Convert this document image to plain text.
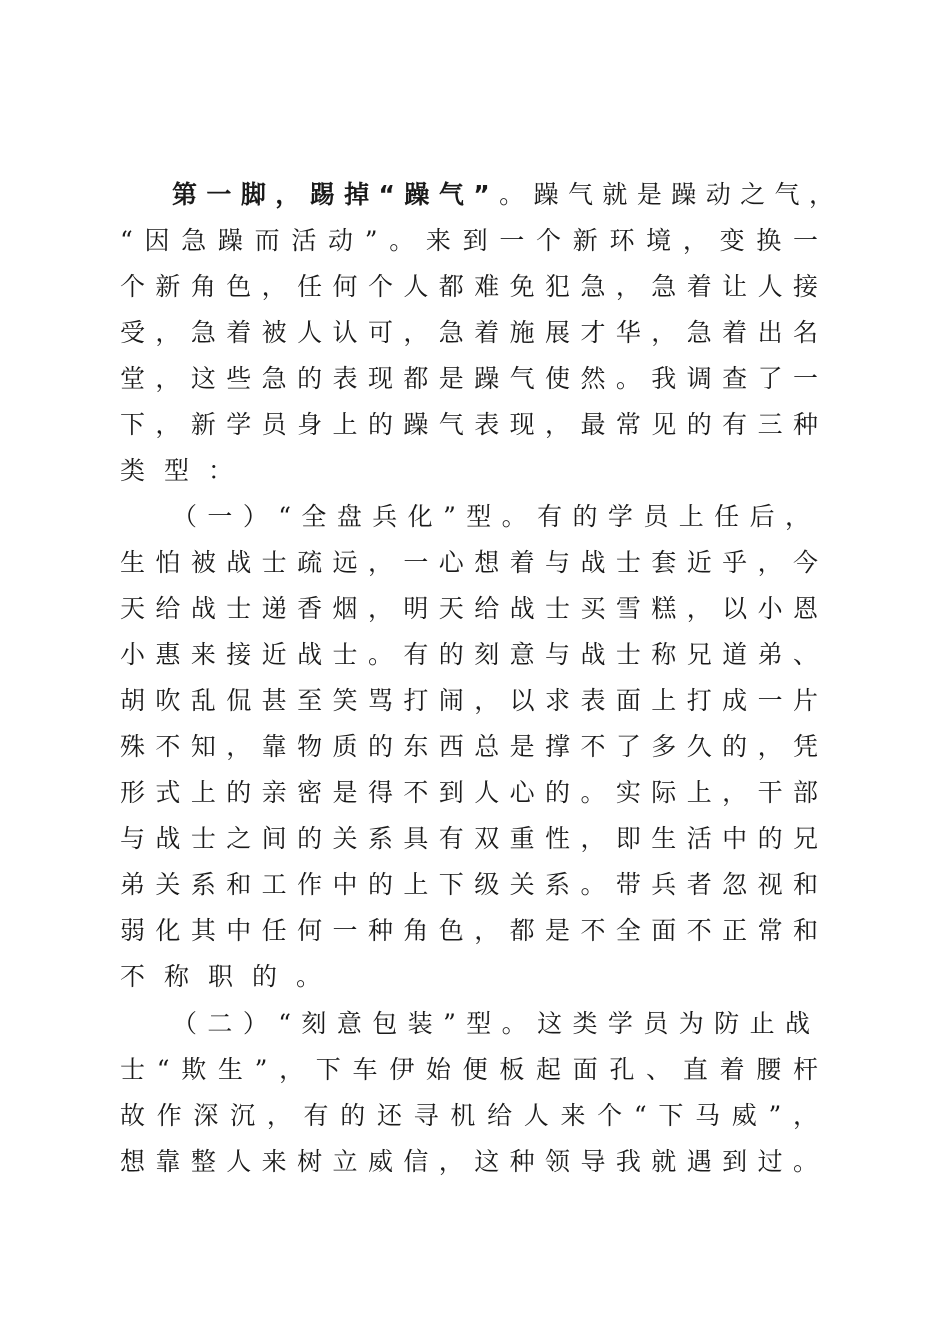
第一脚，踢掉“躁气”。躁气就是躁动之气，
“因急躁而活动”。来到一个新环境，变换一
个新角色，任何个人都难免犯急，急着让人接
受，急着被人认可，急着施展才华，急着出名
堂，这些急的表现都是躁气使然。我调查了一
下，新学员身上的躁气表现，最常见的有三种
类型：
（一）“全盘兵化”型。有的学员上任后，
生怕被战士疏远，一心想着与战士套近乎，今
天给战士递香烟，明天给战士买雪糕，以小恩
小惠来接近战士。有的刻意与战士称兄道弟、
胡吹乱侃甚至笑骂打闹，以求表面上打成一片
殊不知，靠物质的东西总是撑不了多久的，凭
形式上的亲密是得不到人心的。实际上，干部
与战士之间的关系具有双重性，即生活中的兄
弟关系和工作中的上下级关系。带兵者忽视和
弱化其中任何一种角色，都是不全面不正常和
不称职的。
（二）“刻意包装”型。这类学员为防止战
士“欺生”，下车伊始便板起面孔、直着腰杆
故作深沉，有的还寻机给人来个“下马威”，
想靠整人来树立威信，这种领导我就遇到过。
